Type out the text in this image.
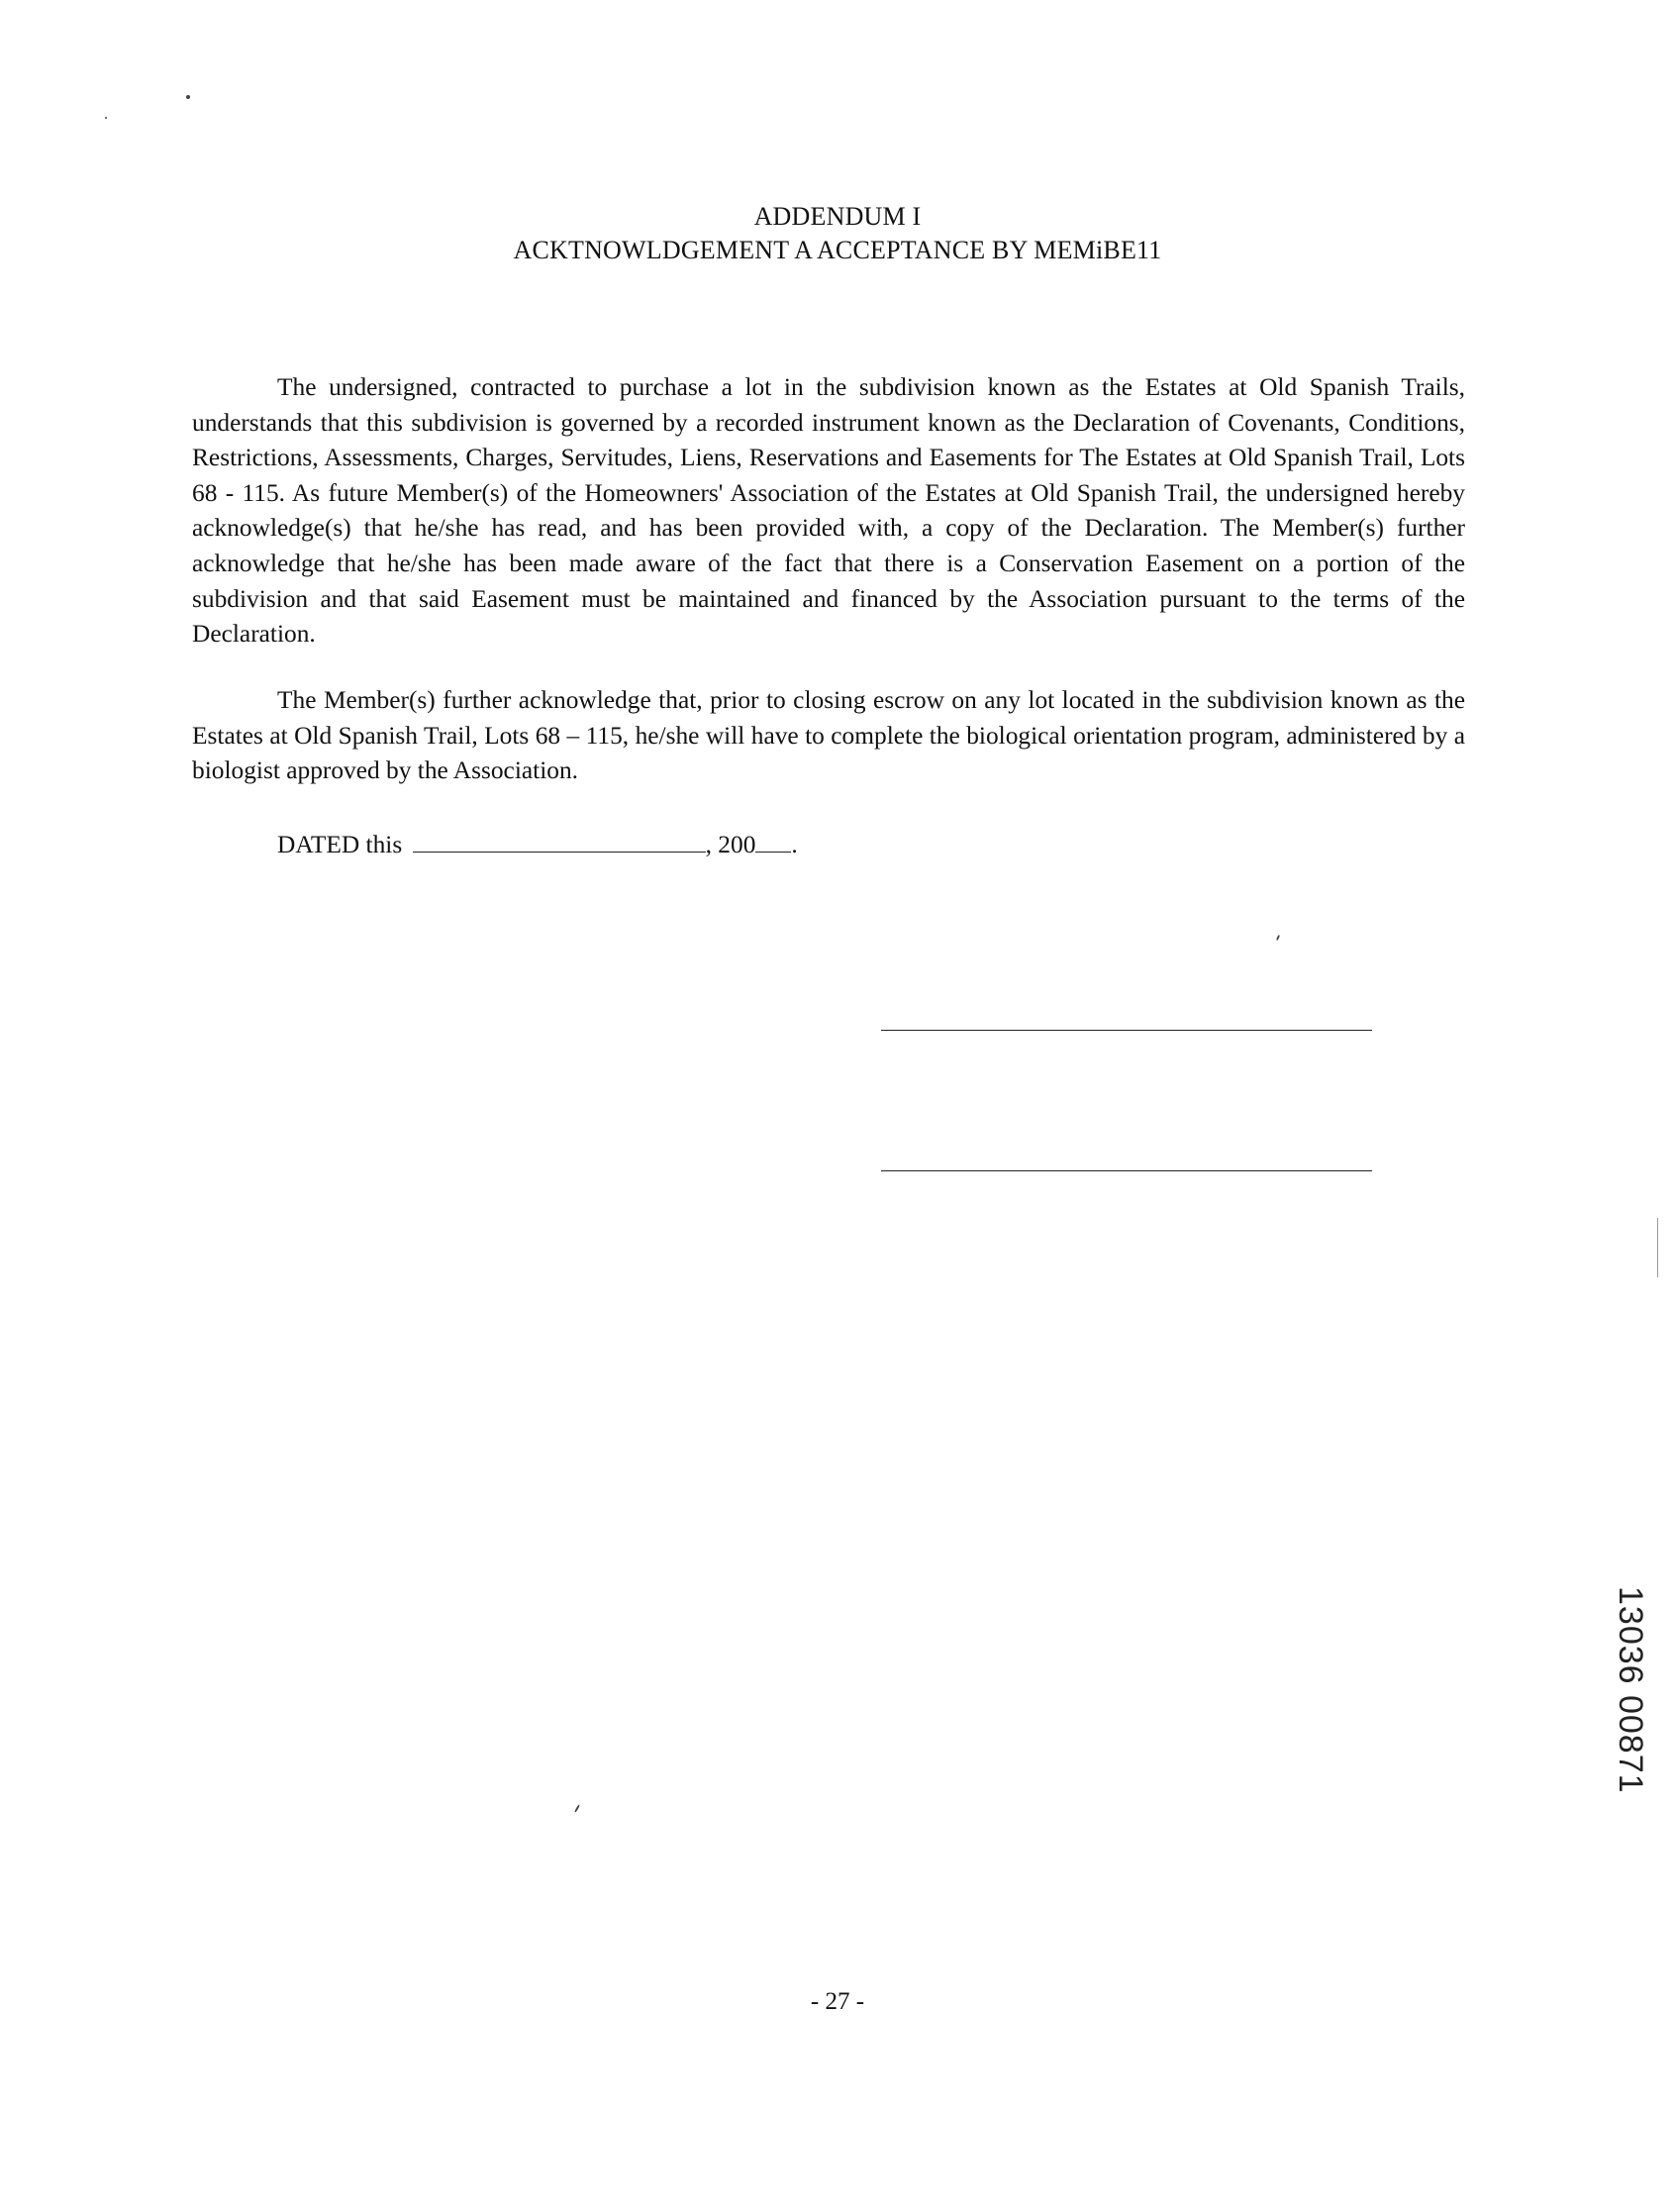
ADDENDUM I
ACKTNOWLDGEMENT A ACCEPTANCE BY MEMiBE11
The undersigned, contracted to purchase a lot in the subdivision known as the Estates at Old Spanish Trails, understands that this subdivision is governed by a recorded instrument known as the Declaration of Covenants, Conditions, Restrictions, Assessments, Charges, Servitudes, Liens, Reservations and Easements for The Estates at Old Spanish Trail, Lots 68 - 115. As future Member(s) of the Homeowners' Association of the Estates at Old Spanish Trail, the undersigned hereby acknowledge(s) that he/she has read, and has been provided with, a copy of the Declaration. The Member(s) further acknowledge that he/she has been made aware of the fact that there is a Conservation Easement on a portion of the subdivision and that said Easement must be maintained and financed by the Association pursuant to the terms of the Declaration.
The Member(s) further acknowledge that, prior to closing escrow on any lot located in the subdivision known as the Estates at Old Spanish Trail, Lots 68 – 115, he/she will have to complete the biological orientation program, administered by a biologist approved by the Association.
DATED this	, 200 .
13036 00871
- 27 -
